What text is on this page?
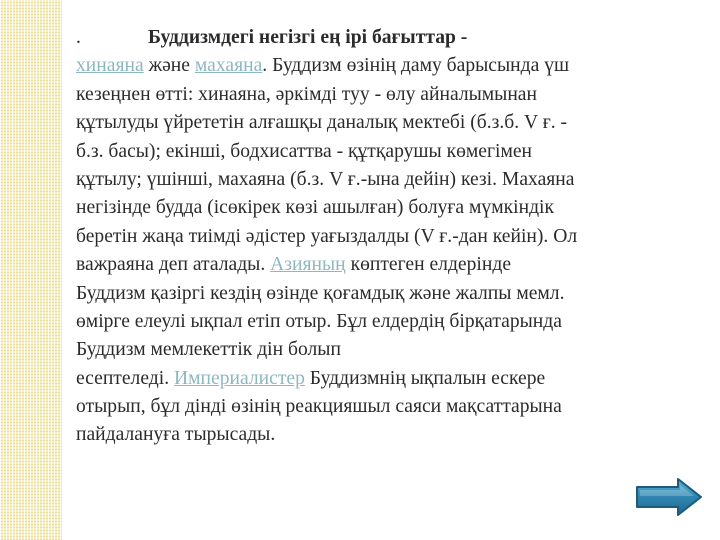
.	Буддизмдегі негізгі ең ірі бағыттар -
хинаяна және махаяна. Буддизм өзінің даму барысында үш
кезеңнен өтті: хинаяна, әркімді туу - өлу айналымынан
құтылуды үйрететін алғашқы даналық мектебі (б.з.б. V ғ. -
б.з. басы); екінші, бодхисаттва - құтқарушы көмегімен
құтылу; үшінші, махаяна (б.з. V ғ.-ына дейін) кезі. Махаяна
негізінде будда (ісөкірек көзі ашылған) болуға мүмкіндік
беретін жаңа тиімді әдістер уағыздалды (V ғ.-дан кейін). Ол
важраяна деп аталады. Азияның көптеген елдерінде
Буддизм қазіргі кездің өзінде қоғамдық және жалпы мемл.
өмірге елеулі ықпал етіп отыр. Бұл елдердің бірқатарында
Буддизм мемлекеттік дін болып
есептеледі. Империалистер Буддизмнің ықпалын ескере
отырып, бұл дінді өзінің реакцияшыл саяси мақсаттарына
пайдалануға тырысады.
